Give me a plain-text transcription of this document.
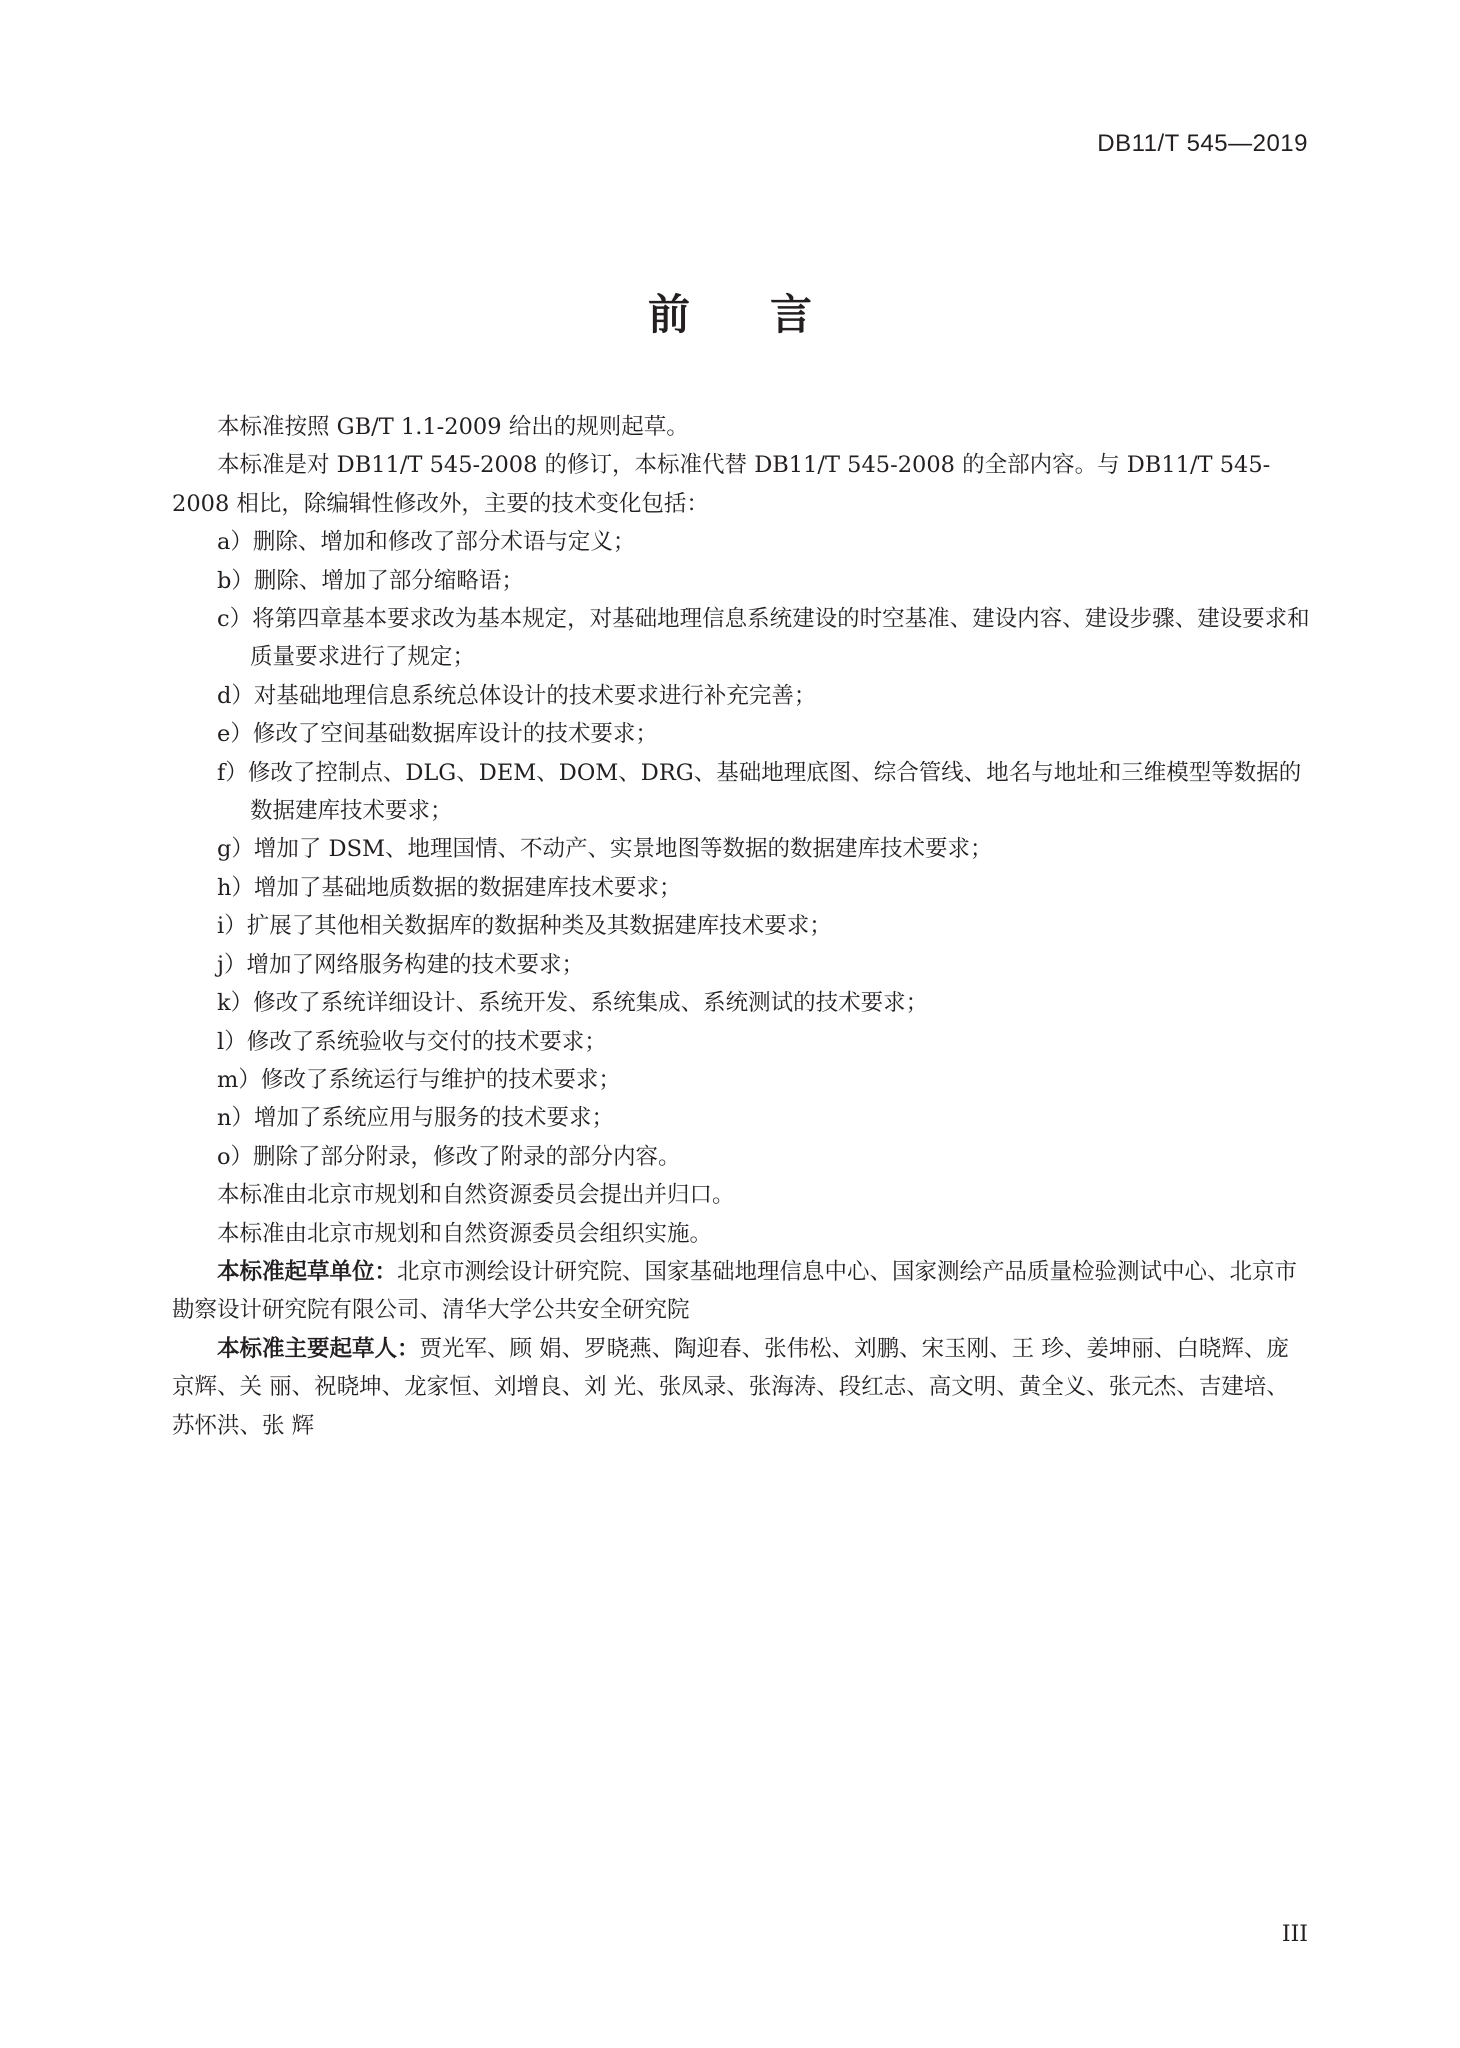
DB11/T 545—2019
前言

本标准按照 GB/T 1.1-2009 给出的规则起草。

本标准是对 DB11/T 545-2008 的修订，本标准代替 DB11/T 545-2008 的全部内容。与 DB11/T 545-2008 相比，除编辑性修改外，主要的技术变化包括：

a）删除、增加和修改了部分术语与定义；

b）删除、增加了部分缩略语；

c）将第四章基本要求改为基本规定，对基础地理信息系统建设的时空基准、建设内容、建设步骤、建设要求和质量要求进行了规定；

d）对基础地理信息系统总体设计的技术要求进行补充完善；

e）修改了空间基础数据库设计的技术要求；

f）修改了控制点、DLG、DEM、DOM、DRG、基础地理底图、综合管线、地名与地址和三维模型等数据的数据建库技术要求；

g）增加了 DSM、地理国情、不动产、实景地图等数据的数据建库技术要求；

h）增加了基础地质数据的数据建库技术要求；

i）扩展了其他相关数据库的数据种类及其数据建库技术要求；

j）增加了网络服务构建的技术要求；

k）修改了系统详细设计、系统开发、系统集成、系统测试的技术要求；

l）修改了系统验收与交付的技术要求；

m）修改了系统运行与维护的技术要求；

n）增加了系统应用与服务的技术要求；

o）删除了部分附录，修改了附录的部分内容。

本标准由北京市规划和自然资源委员会提出并归口。

本标准由北京市规划和自然资源委员会组织实施。

本标准起草单位：北京市测绘设计研究院、国家基础地理信息中心、国家测绘产品质量检验测试中心、北京市勘察设计研究院有限公司、清华大学公共安全研究院

本标准主要起草人：贾光军、顾 娟、罗晓燕、陶迎春、张伟松、刘鹏、宋玉刚、王 珍、姜坤丽、白晓辉、庞京辉、关 丽、祝晓坤、龙家恒、刘增良、刘 光、张凤录、张海涛、段红志、高文明、黄全义、张元杰、吉建培、苏怀洪、张 辉

III
